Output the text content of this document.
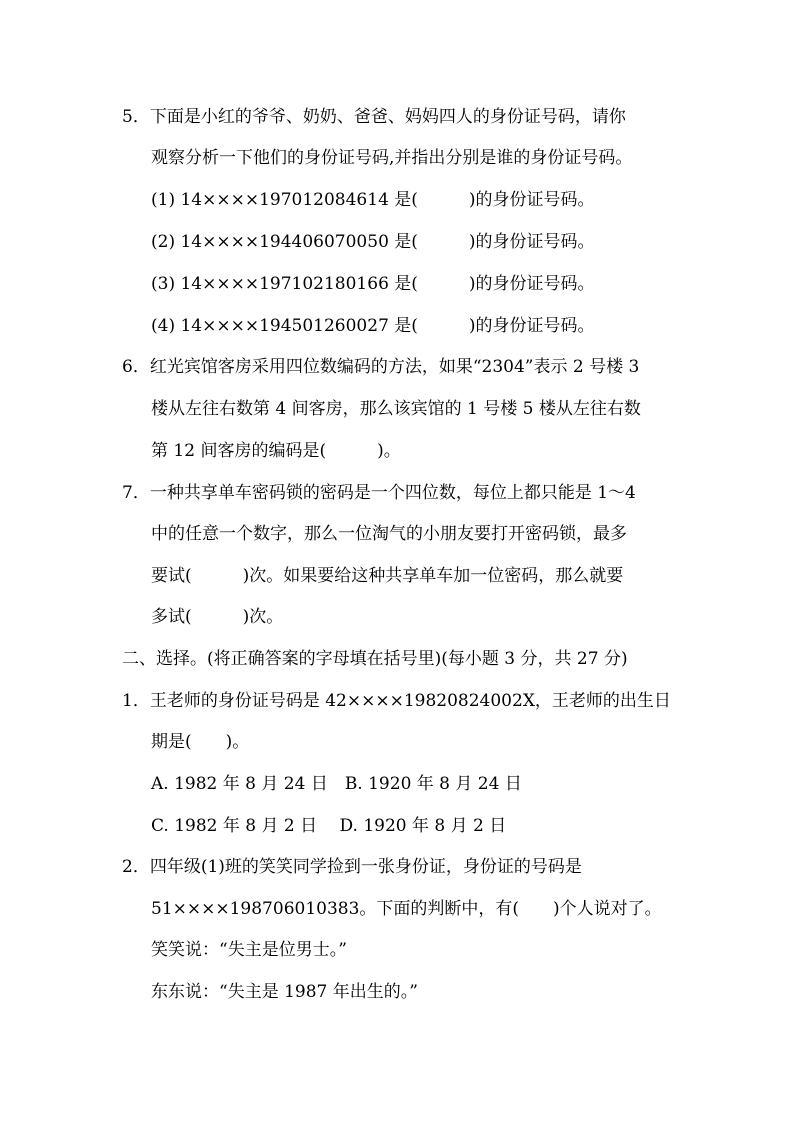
5．下面是小红的爷爷、奶奶、爸爸、妈妈四人的身份证号码，请你
观察分析一下他们的身份证号码,并指出分别是谁的身份证号码。
(1) 14××××197012084614 是(　　　)的身份证号码。
(2) 14××××194406070050 是(　　　)的身份证号码。
(3) 14××××197102180166 是(　　　)的身份证号码。
(4) 14××××194501260027 是(　　　)的身份证号码。
6．红光宾馆客房采用四位数编码的方法，如果“2304”表示 2 号楼 3
楼从左往右数第 4 间客房，那么该宾馆的 1 号楼 5 楼从左往右数
第 12 间客房的编码是(　　　)。
7．一种共享单车密码锁的密码是一个四位数，每位上都只能是 1～4
中的任意一个数字，那么一位淘气的小朋友要打开密码锁，最多
要试(　　　)次。如果要给这种共享单车加一位密码，那么就要
多试(　　　)次。
二、选择。(将正确答案的字母填在括号里)(每小题 3 分，共 27 分)
1．王老师的身份证号码是 42××××19820824002X，王老师的出生日
期是(　　)。
A. 1982 年 8 月 24 日　B. 1920 年 8 月 24 日
C. 1982 年 8 月 2 日　 D. 1920 年 8 月 2 日
2．四年级(1)班的笑笑同学捡到一张身份证，身份证的号码是
51××××198706010383。下面的判断中，有(　　)个人说对了。
笑笑说：“失主是位男士。”
东东说：“失主是 1987 年出生的。”
